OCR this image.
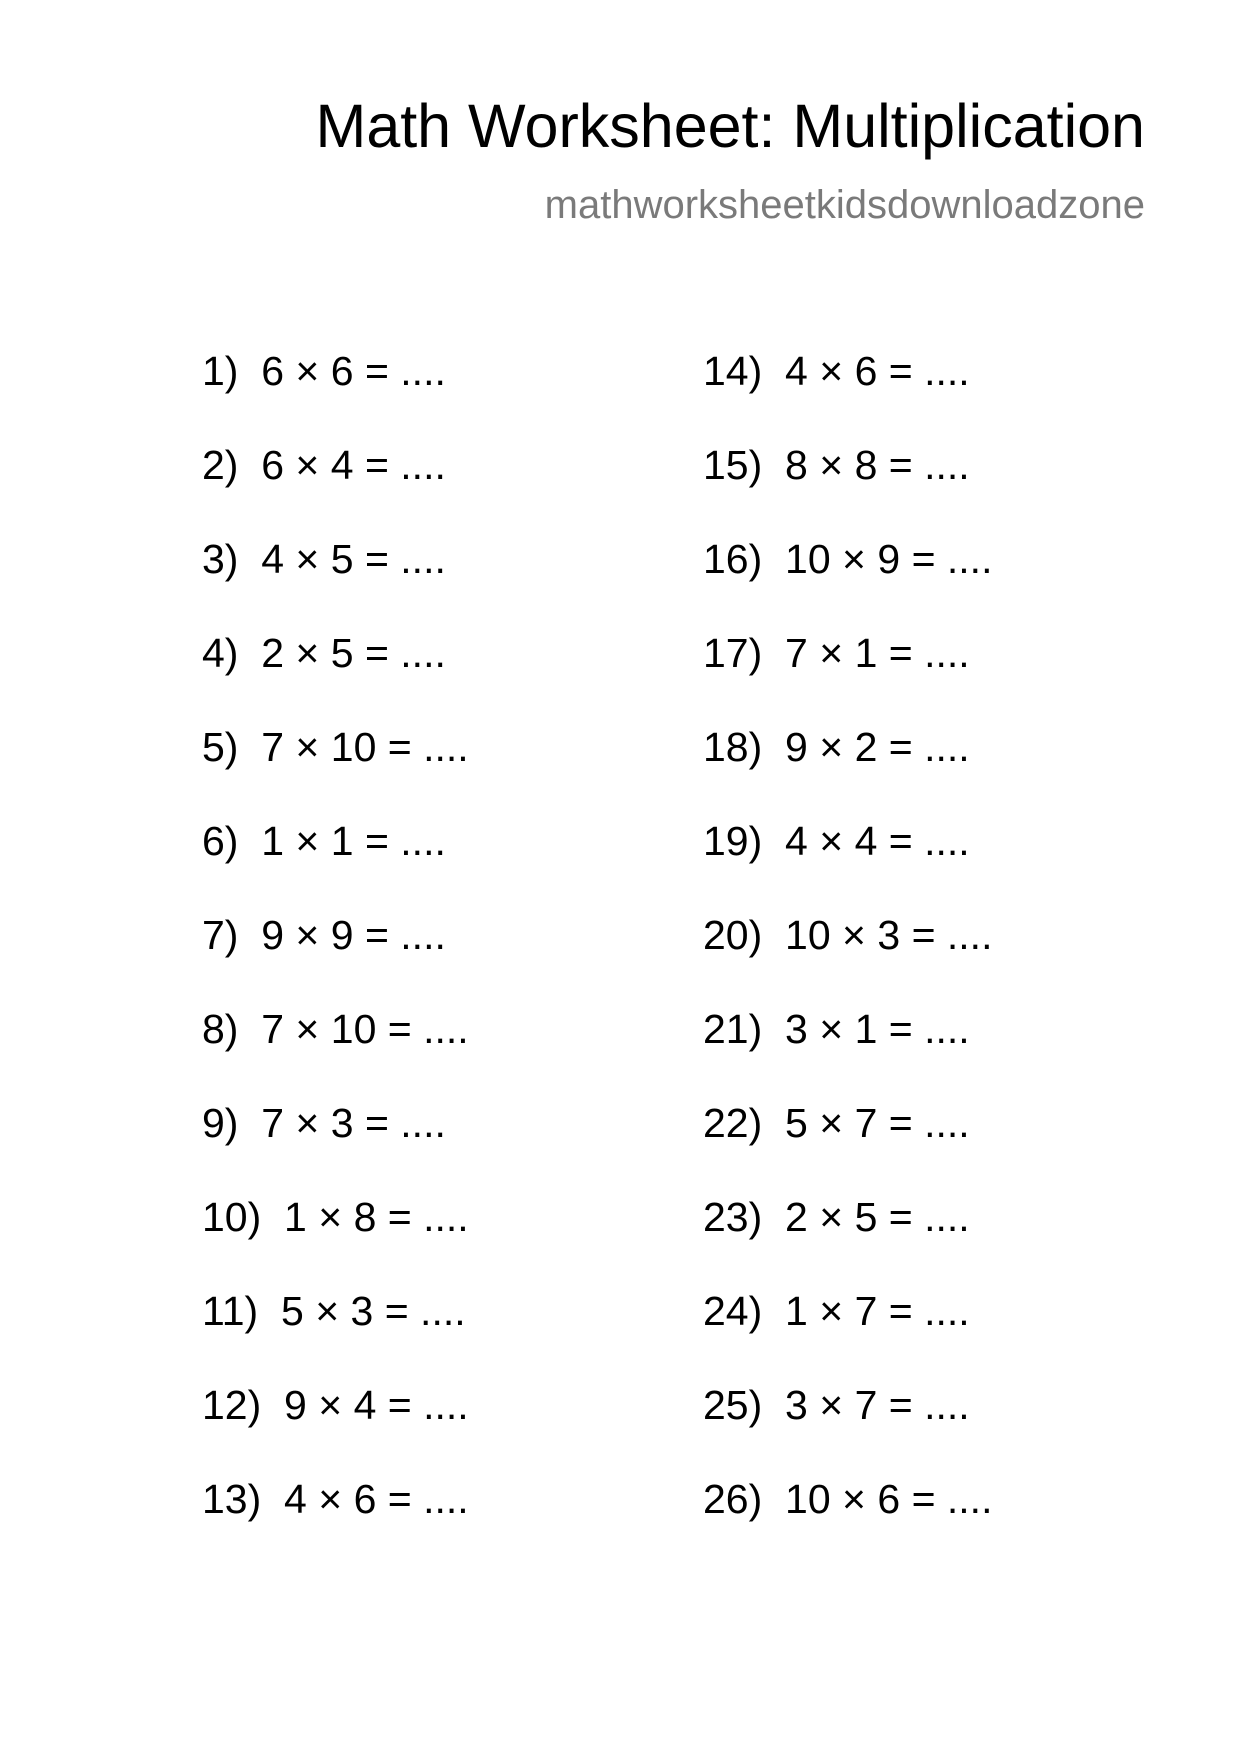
Math Worksheet: Multiplication
mathworksheetkidsdownloadzone
1)  6 × 6 = ....
2)  6 × 4 = ....
3)  4 × 5 = ....
4)  2 × 5 = ....
5)  7 × 10 = ....
6)  1 × 1 = ....
7)  9 × 9 = ....
8)  7 × 10 = ....
9)  7 × 3 = ....
10)  1 × 8 = ....
11)  5 × 3 = ....
12)  9 × 4 = ....
13)  4 × 6 = ....
14)  4 × 6 = ....
15)  8 × 8 = ....
16)  10 × 9 = ....
17)  7 × 1 = ....
18)  9 × 2 = ....
19)  4 × 4 = ....
20)  10 × 3 = ....
21)  3 × 1 = ....
22)  5 × 7 = ....
23)  2 × 5 = ....
24)  1 × 7 = ....
25)  3 × 7 = ....
26)  10 × 6 = ....
